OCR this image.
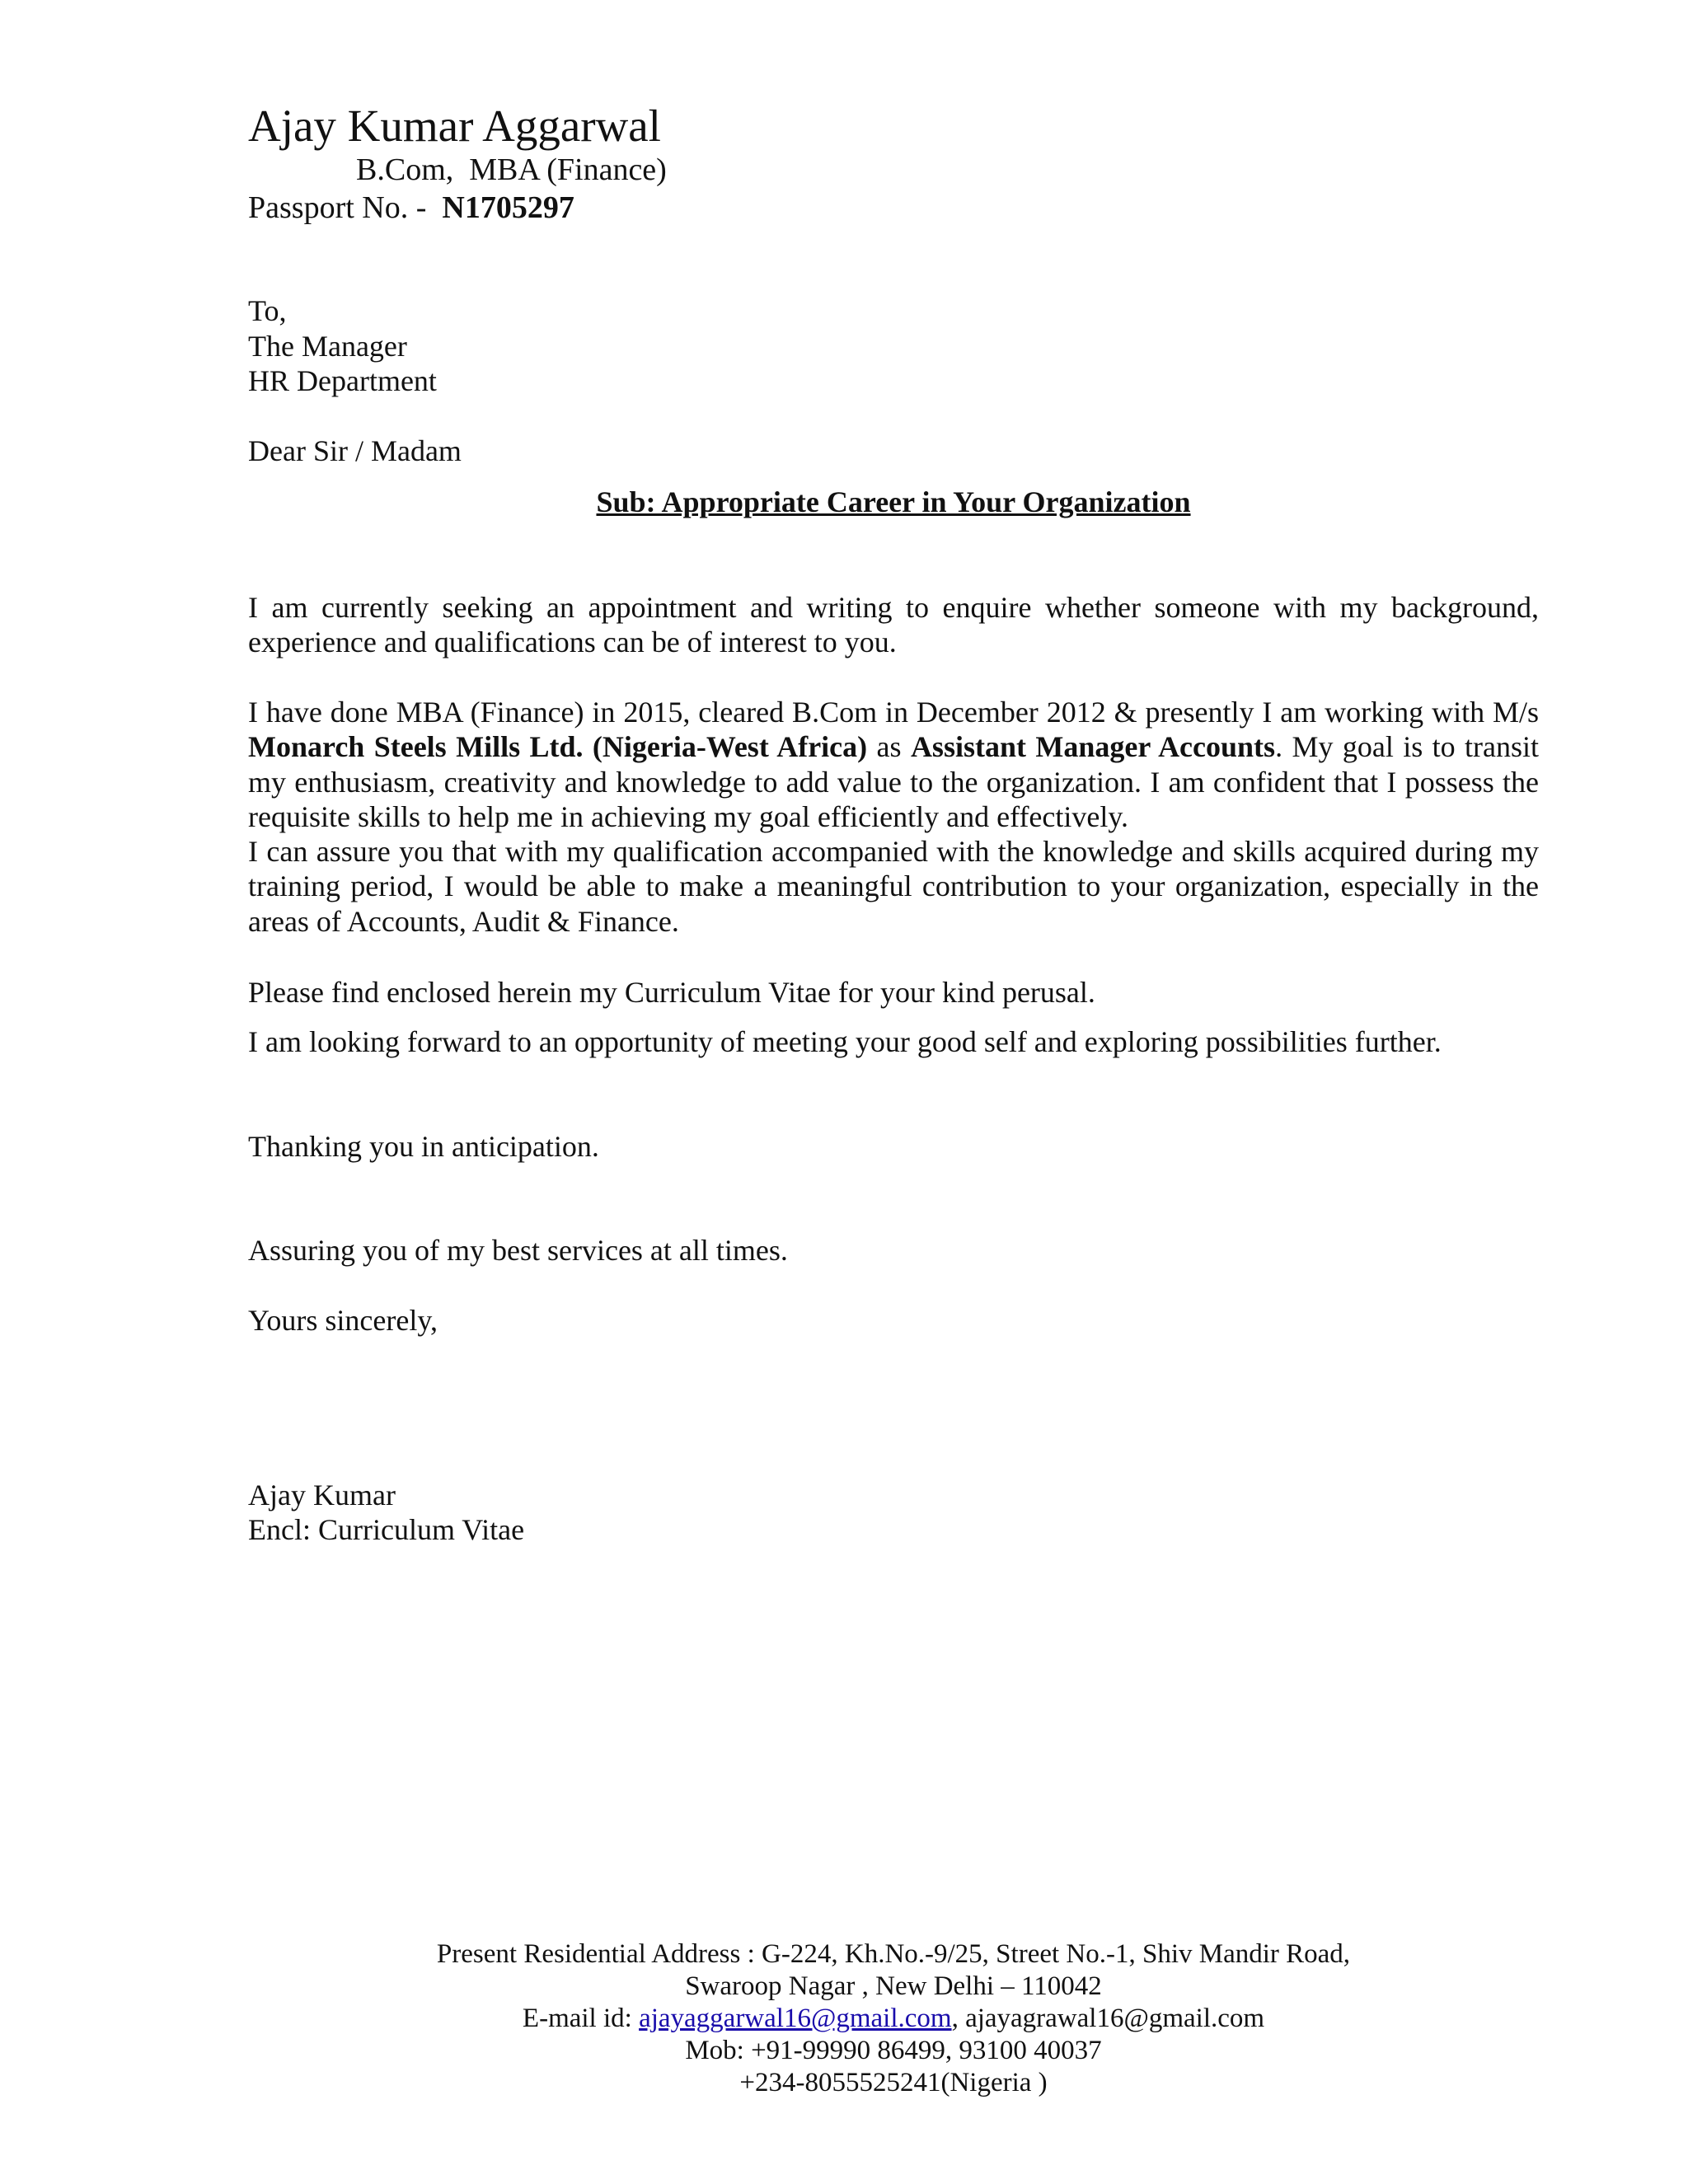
Ajay Kumar Aggarwal
B.Com,  MBA (Finance)
Passport No. -  N1705297
To,
The Manager
HR Department
Dear Sir / Madam
Sub: Appropriate Career in Your Organization
I am currently seeking an appointment and writing to enquire whether someone with my background, experience and qualifications can be of interest to you.
I have done MBA (Finance) in 2015, cleared B.Com in December 2012 & presently I am working with M/s Monarch Steels Mills Ltd. (Nigeria-West Africa) as Assistant Manager Accounts. My goal is to transit my enthusiasm, creativity and knowledge to add value to the organization. I am confident that I possess the requisite skills to help me in achieving my goal efficiently and effectively.
I can assure you that with my qualification accompanied with the knowledge and skills acquired during my training period, I would be able to make a meaningful contribution to your organization, especially in the areas of Accounts, Audit & Finance.
Please find enclosed herein my Curriculum Vitae for your kind perusal.
I am looking forward to an opportunity of meeting your good self and exploring possibilities further.
Thanking you in anticipation.
Assuring you of my best services at all times.
Yours sincerely,
Ajay Kumar
Encl: Curriculum Vitae
Present Residential Address : G-224, Kh.No.-9/25, Street No.-1, Shiv Mandir Road,
Swaroop Nagar , New Delhi – 110042
E-mail id: ajayaggarwal16@gmail.com, ajayagrawal16@gmail.com
Mob: +91-99990 86499, 93100 40037
+234-8055525241(Nigeria )
